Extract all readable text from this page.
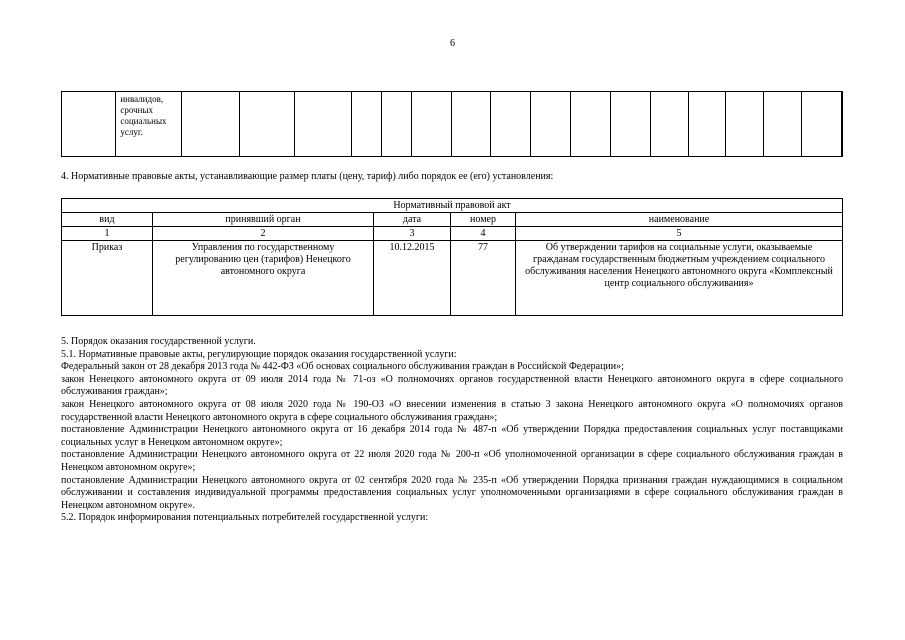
6
	инвалидов, срочных социальных услуг.																	
4. Нормативные правовые акты, устанавливающие размер платы (цену, тариф) либо порядок ее (его) установления:
Нормативный правовой акт				
вид	принявший орган	дата	номер	наименование
1	2	3	4	5
Приказ	Управления по государственному регулированию цен (тарифов) Ненецкого автономного округа	10.12.2015	77	Об утверждении тарифов на социальные услуги, оказываемые гражданам государственным бюджетным учреждением социального обслуживания населения Ненецкого автономного округа «Комплексный центр социального обслуживания»

5. Порядок оказания государственной услуги.

5.1. Нормативные правовые акты, регулирующие порядок оказания государственной услуги:

Федеральный закон от 28 декабря 2013 года № 442-ФЗ «Об основах социального обслуживания граждан в Российской Федерации»;

закон Ненецкого автономного округа от 09 июля 2014 года № 71-оз «О полномочиях органов государственной власти Ненецкого автономного округа в сфере социального обслуживания граждан»;

закон Ненецкого автономного округа от 08 июля 2020 года № 190-ОЗ «О внесении изменения в статью 3 закона Ненецкого автономного округа «О полномочиях органов государственной власти Ненецкого автономного округа в сфере социального обслуживания граждан»;

постановление Администрации Ненецкого автономного округа от 16 декабря 2014 года № 487-п «Об утверждении Порядка предоставления социальных услуг поставщиками социальных услуг в Ненецком автономном округе»;

постановление Администрации Ненецкого автономного округа от 22 июля 2020 года № 200-п «Об уполномоченной организации в сфере социального обслуживания граждан в Ненецком автономном округе»;

постановление Администрации Ненецкого автономного округа от 02 сентября 2020 года № 235-п «Об утверждении Порядка признания граждан нуждающимися в социальном обслуживании и составления индивидуальной программы предоставления социальных услуг уполномоченными организациями в сфере социального обслуживания граждан в Ненецком автономном округе».

5.2. Порядок информирования потенциальных потребителей государственной услуги:
